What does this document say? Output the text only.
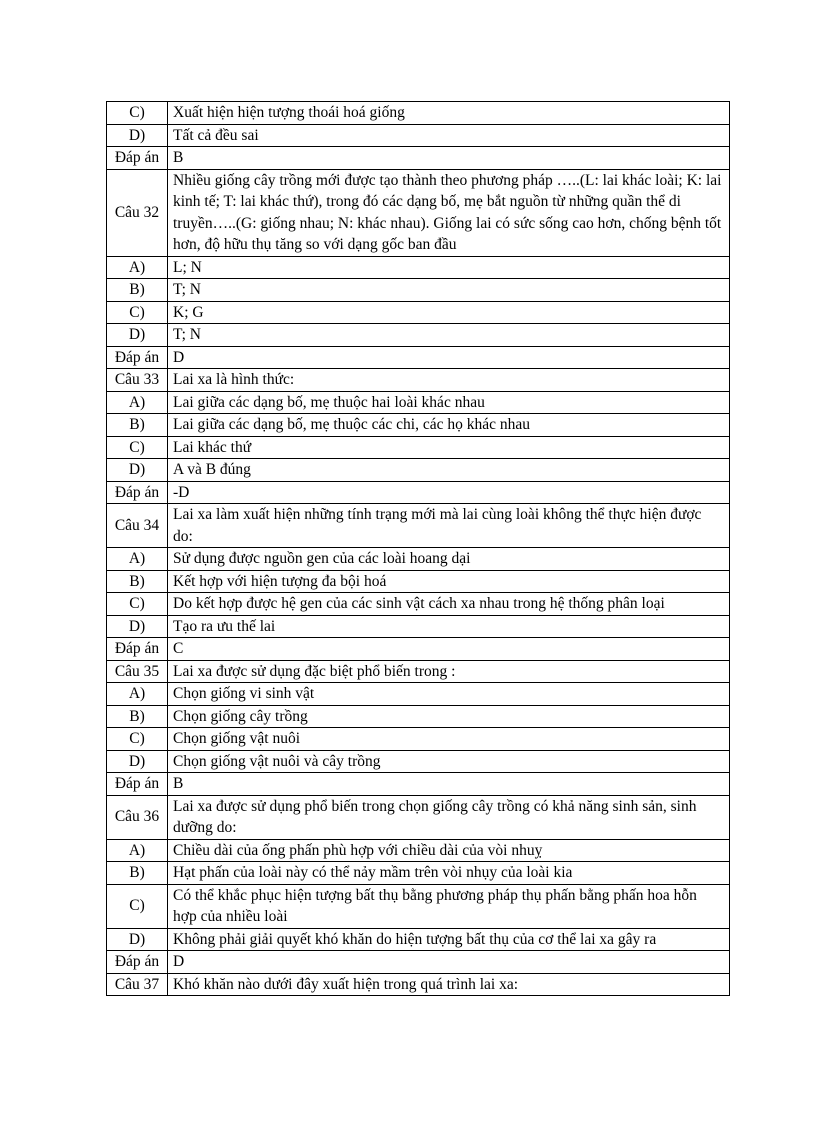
C)	Xuất hiện hiện tượng thoái hoá giống
D)	Tất cả đều sai
Đáp án	B
Câu 32	Nhiều giống cây trồng mới được tạo thành theo phương pháp …..(L: lai khác loài; K: lai kinh tế; T: lai khác thứ), trong đó các dạng bố, mẹ bắt nguồn từ những quần thể di truyền…..(G: giống nhau; N: khác nhau). Giống lai có sức sống cao hơn, chống bệnh tốt hơn, độ hữu thụ tăng so với dạng gốc ban đầu
A)	L; N
B)	T; N
C)	K; G
D)	T; N
Đáp án	D
Câu 33	Lai xa là hình thức:
A)	Lai giữa các dạng bố, mẹ thuộc hai loài khác nhau
B)	Lai giữa các dạng bố, mẹ thuộc các chi, các họ khác nhau
C)	Lai khác thứ
D)	A và B đúng
Đáp án	-D
Câu 34	Lai xa làm xuất hiện những tính trạng mới mà lai cùng loài không thể thực hiện được do:
A)	Sử dụng được nguồn gen của các loài hoang dại
B)	Kết hợp với hiện tượng đa bội hoá
C)	Do kết hợp được hệ gen của các sinh vật cách xa nhau trong hệ thống phân loại
D)	Tạo ra ưu thế lai
Đáp án	C
Câu 35	Lai xa được sử dụng đặc biệt phổ biến trong :
A)	Chọn giống vi sinh vật
B)	Chọn giống cây trồng
C)	Chọn giống vật nuôi
D)	Chọn giống vật nuôi và cây trồng
Đáp án	B
Câu 36	Lai xa được sử dụng phổ biến trong chọn giống cây trồng có khả năng sinh sản, sinh dưỡng do:
A)	Chiều dài của ống phấn phù hợp với chiều dài của vòi nhuỵ
B)	Hạt phấn của loài này có thể nảy mầm trên vòi nhụy của loài kia
C)	Có thể khắc phục hiện tượng bất thụ bằng phương pháp thụ phấn bằng phấn hoa hỗn hợp của nhiều loài
D)	Không phải giải quyết khó khăn do hiện tượng bất thụ của cơ thể lai xa gây ra
Đáp án	D
Câu 37	Khó khăn nào dưới đây xuất hiện trong quá trình lai xa:
